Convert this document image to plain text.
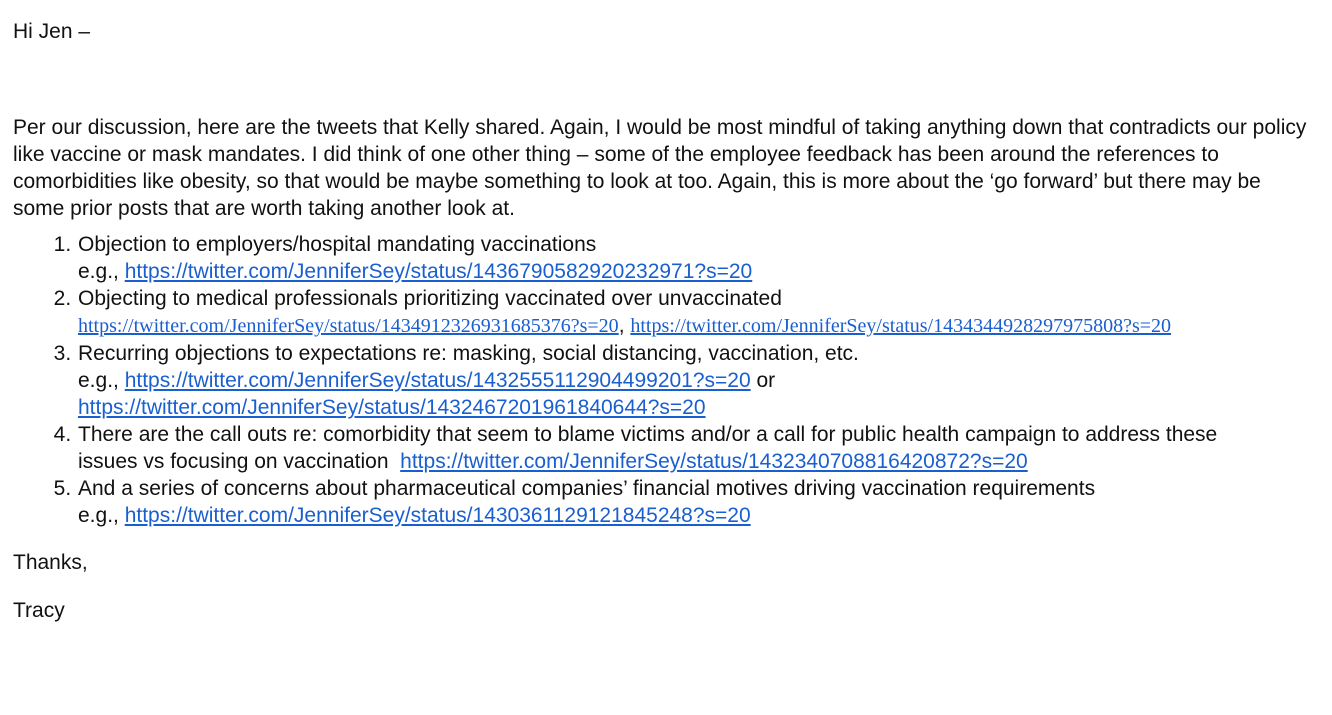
Hi Jen –

Per our discussion, here are the tweets that Kelly shared. Again, I would be most mindful of taking anything down that contradicts our policy like vaccine or mask mandates. I did think of one other thing – some of the employee feedback has been around the references to comorbidities like obesity, so that would be maybe something to look at too. Again, this is more about the ‘go forward’ but there may be some prior posts that are worth taking another look at.

1. Objection to employers/hospital mandating vaccinations
e.g., https://twitter.com/JenniferSey/status/1436790582920232971?s=20
2. Objecting to medical professionals prioritizing vaccinated over unvaccinated https://twitter.com/JenniferSey/status/1434912326931685376?s=20, https://twitter.com/JenniferSey/status/1434344928297975808?s=20
3. Recurring objections to expectations re: masking, social distancing, vaccination, etc.
e.g., https://twitter.com/JenniferSey/status/1432555112904499201?s=20 or https://twitter.com/JenniferSey/status/1432467201961840644?s=20
4. There are the call outs re: comorbidity that seem to blame victims and/or a call for public health campaign to address these issues vs focusing on vaccination https://twitter.com/JenniferSey/status/1432340708816420872?s=20
5. And a series of concerns about pharmaceutical companies’ financial motives driving vaccination requirements
e.g., https://twitter.com/JenniferSey/status/1430361129121845248?s=20

Thanks,

Tracy
